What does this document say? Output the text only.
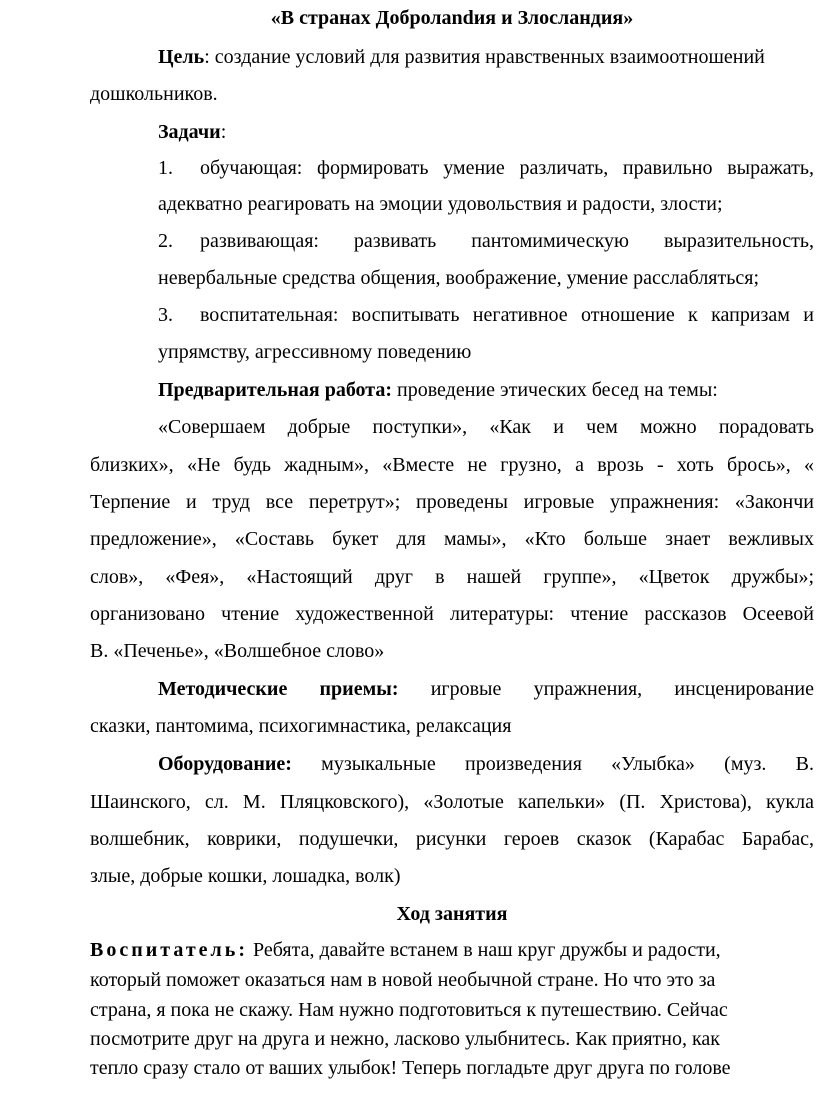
«В странах Добролandия и Злосландия»
Цель: создание условий для развития нравственных взаимоотношений
дошкольников.
Задачи:
1. обучающая: формировать умение различать, правильно выражать,
адекватно реагировать на эмоции удовольствия и радости, злости;
2. развивающая: развивать пантомимическую выразительность,
невербальные средства общения, воображение, умение расслабляться;
3. воспитательная: воспитывать негативное отношение к капризам и
упрямству, агрессивному поведению
Предварительная работа: проведение этических бесед на темы:
«Совершаем добрые поступки», «Как и чем можно порадовать
близких», «Не будь жадным», «Вместе не грузно, а врозь - хоть брось», «
Терпение и труд все перетрут»; проведены игровые упражнения: «Закончи
предложение», «Составь букет для мамы», «Кто больше знает вежливых
слов», «Фея», «Настоящий друг в нашей группе», «Цветок дружбы»;
организовано чтение художественной литературы: чтение рассказов Осеевой
В. «Печенье», «Волшебное слово»
Методические приемы: игровые упражнения, инсценирование
сказки, пантомима, психогимнастика, релаксация
Оборудование: музыкальные произведения «Улыбка» (муз. В.
Шаинского, сл. М. Пляцковского), «Золотые капельки» (П. Христова), кукла
волшебник, коврики, подушечки, рисунки героев сказок (Карабас Барабас,
злые, добрые кошки, лошадка, волк)
Ход занятия
Воспитатель: Ребята, давайте встанем в наш круг дружбы и радости,
который поможет оказаться нам в новой необычной стране. Но что это за
страна, я пока не скажу. Нам нужно подготовиться к путешествию. Сейчас
посмотрите друг на друга и нежно, ласково улыбнитесь. Как приятно, как
тепло сразу стало от ваших улыбок! Теперь погладьте друг друга по голове
